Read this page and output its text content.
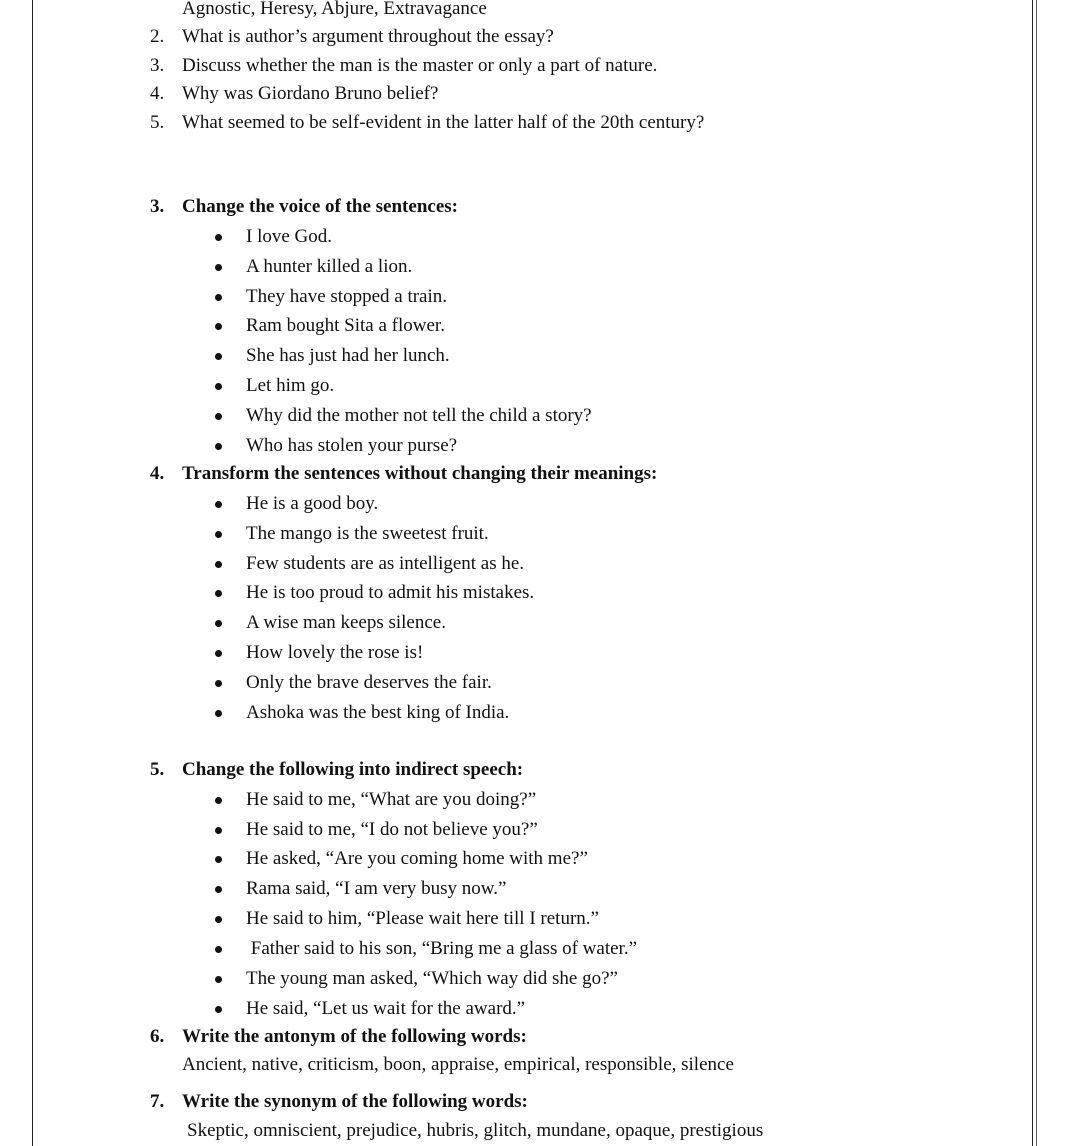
Agnostic, Heresy, Abjure, Extravagance
2. What is author’s argument throughout the essay?
3. Discuss whether the man is the master or only a part of nature.
4. Why was Giordano Bruno belief?
5. What seemed to be self-evident in the latter half of the 20th century?
3. Change the voice of the sentences:
I love God.
A hunter killed a lion.
They have stopped a train.
Ram bought Sita a flower.
She has just had her lunch.
Let him go.
Why did the mother not tell the child a story?
Who has stolen your purse?
4. Transform the sentences without changing their meanings:
He is a good boy.
The mango is the sweetest fruit.
Few students are as intelligent as he.
He is too proud to admit his mistakes.
A wise man keeps silence.
How lovely the rose is!
Only the brave deserves the fair.
Ashoka was the best king of India.
5. Change the following into indirect speech:
He said to me, “What are you doing?”
He said to me, “I do not believe you?”
He asked, “Are you coming home with me?”
Rama said, “I am very busy now.”
He said to him, “Please wait here till I return.”
Father said to his son, “Bring me a glass of water.”
The young man asked, “Which way did she go?”
He said, “Let us wait for the award.”
6. Write the antonym of the following words:
Ancient, native, criticism, boon, appraise, empirical, responsible, silence
7. Write the synonym of the following words:
Skeptic, omniscient, prejudice, hubris, glitch, mundane, opaque, prestigious
